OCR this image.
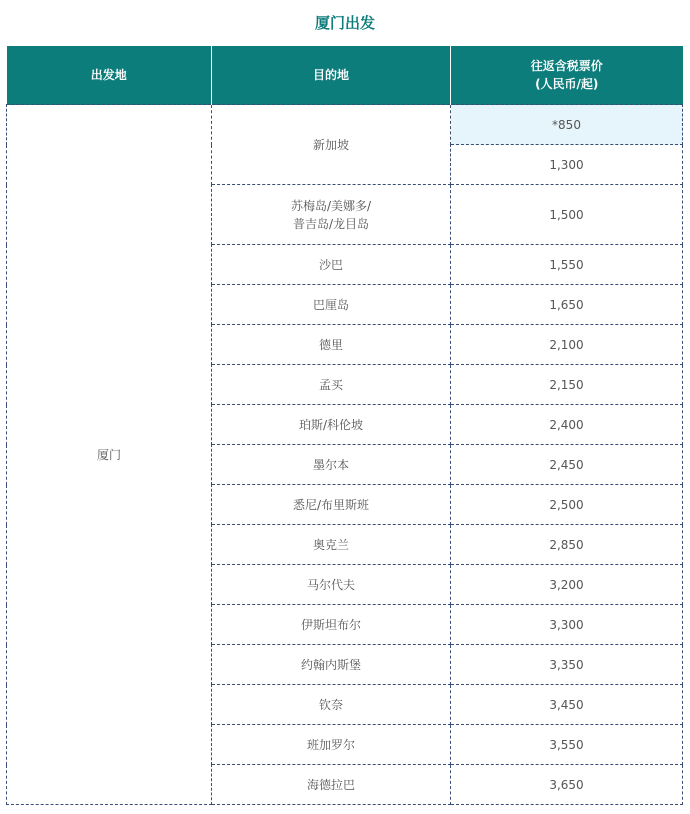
厦门出发
出发地	目的地	往返含税票价
(人民币/起)

厦门	新加坡	*850
		1,300

	苏梅岛/美娜多/
普吉岛/龙目岛	1,500
	沙巴	1,550
	巴厘岛	1,650
	德里	2,100
	孟买	2,150
	珀斯/科伦坡	2,400
	墨尔本	2,450
	悉尼/布里斯班	2,500
	奥克兰	2,850
	马尔代夫	3,200
	伊斯坦布尔	3,300
	约翰内斯堡	3,350
	钦奈	3,450
	班加罗尔	3,550
	海德拉巴	3,650
